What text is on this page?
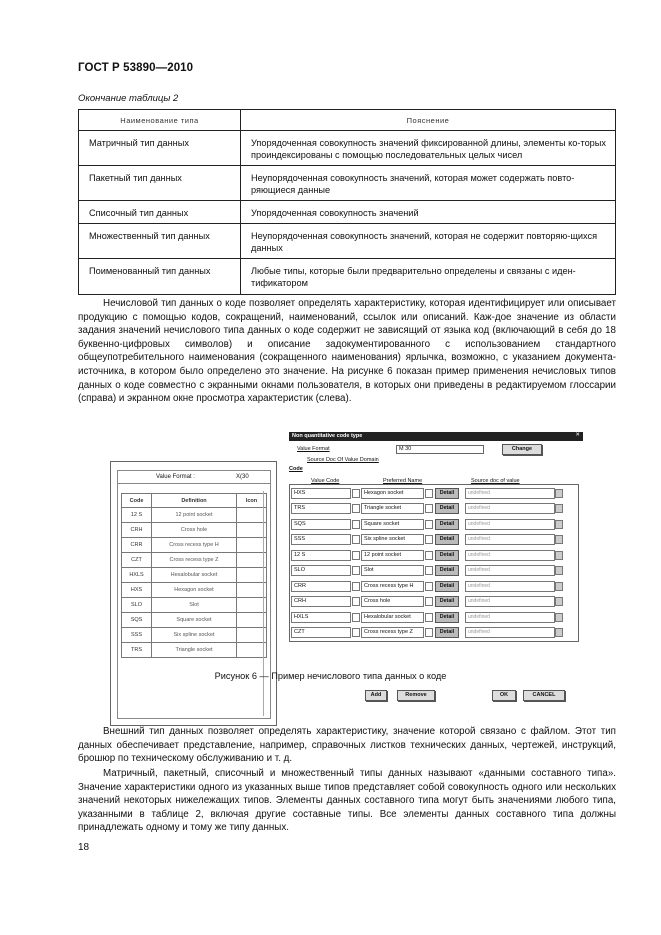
ГОСТ Р 53890—2010
Окончание таблицы 2
Наименование типа	Пояснение
Матричный тип данных	Упорядоченная совокупность значений фиксированной длины, элементы ко-торых проиндексированы с помощью последовательных целых чисел
Пакетный тип данных	Неупорядоченная совокупность значений, которая может содержать повто-ряющиеся данные
Списочный тип данных	Упорядоченная совокупность значений
Множественный тип данных	Неупорядоченная совокупность значений, которая не содержит повторяю-щихся данных
Поименованный тип данных	Любые типы, которые были предварительно определены и связаны с иден-тификатором

Нечисловой тип данных о коде позволяет определять характеристику, которая идентифицирует или описывает продукцию с помощью кодов, сокращений, наименований, ссылок или описаний. Каж-дое значение из области задания значений нечислового типа данных о коде содержит не зависящий от языка код (включающий в себя до 18 буквенно-цифровых символов) и описание задокументированного с использованием стандартного общеупотребительного наименования (сокращенного наименования) ярлычка, возможно, с указанием документа-источника, в котором было определено это значение. На рисунке 6 показан пример применения нечисловых типов данных о коде совместно с экранными окнами пользователя, в которых они приведены в редактируемом глоссарии (справа) и экранном окне просмотра характеристик (слева).

Value Format :	X(30
Code	Definition	Icon
12 S	12 point socket	
CRH	Cross hole	
CRR	Cross recess type H	
CZT	Cross recess type Z	
HXLS	Hexalobular socket	
HXS	Hexagon socket	
SLO	Slot	
SQS	Square socket	
SSS	Six spline socket	
TRS	Triangle socket	
Non quantitative code type	✕
Value Format	M 30	Change
Source Doc Of Value Domain
Code
Value Code	Preferred Name	Source doc of value
HXS	Hexagon socket	Detail	undefined
TRS	Triangle socket	Detail	undefined
SQS	Square socket	Detail	undefined
SSS	Six spline socket	Detail	undefined
12 S	12 point socket	Detail	undefined
SLO	Slot	Detail	undefined
CRR	Cross recess type H	Detail	undefined
CRH	Cross hole	Detail	undefined
HXLS	Hexalobular socket	Detail	undefined
CZT	Cross recess type Z	Detail	undefined
Add	Remove	OK	CANCEL
Рисунок 6 — Пример нечислового типа данных о коде

Внешний тип данных позволяет определять характеристику, значение которой связано с файлом. Этот тип данных обеспечивает представление, например, справочных листков технических данных, чертежей, инструкций, брошюр по техническому обслуживанию и т. д.

Матричный, пакетный, списочный и множественный типы данных называют «данными составного типа». Значение характеристики одного из указанных выше типов представляет собой совокупность одного или нескольких значений некоторых нижележащих типов. Элементы данных составного типа могут быть значениями любого типа, указанными в таблице 2, включая другие составные типы. Все элементы данных составного типа должны принадлежать одному и тому же типу данных.

18
